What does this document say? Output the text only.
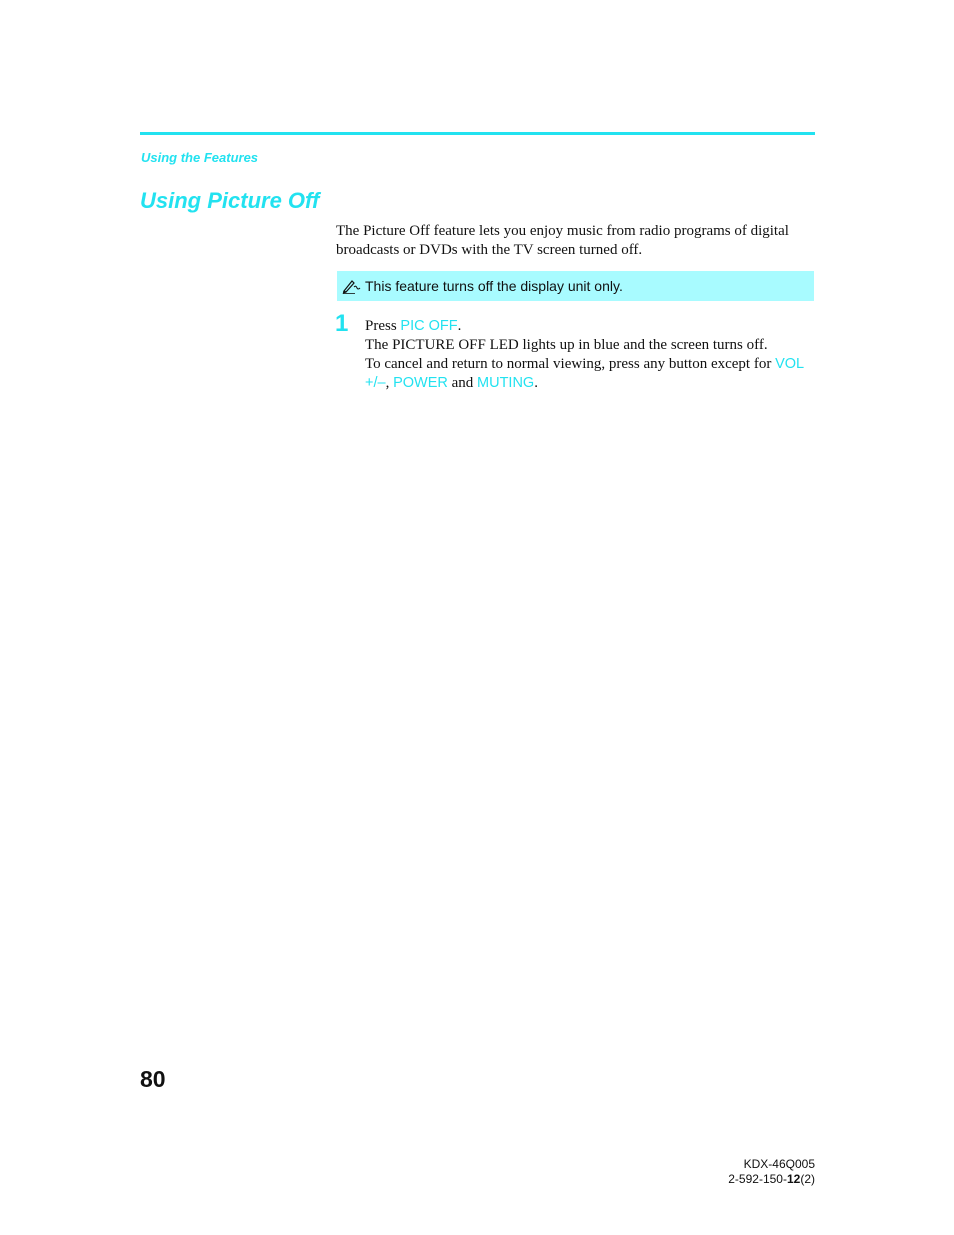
Using the Features
Using Picture Off

The Picture Off feature lets you enjoy music from radio programs of digital broadcasts or DVDs with the TV screen turned off.

This feature turns off the display unit only.
1 Press PIC OFF.

The PICTURE OFF LED lights up in blue and the screen turns off.

To cancel and return to normal viewing, press any button except for VOL +/–, POWER and MUTING.

80
KDX-46Q005
2-592-150-12(2)
